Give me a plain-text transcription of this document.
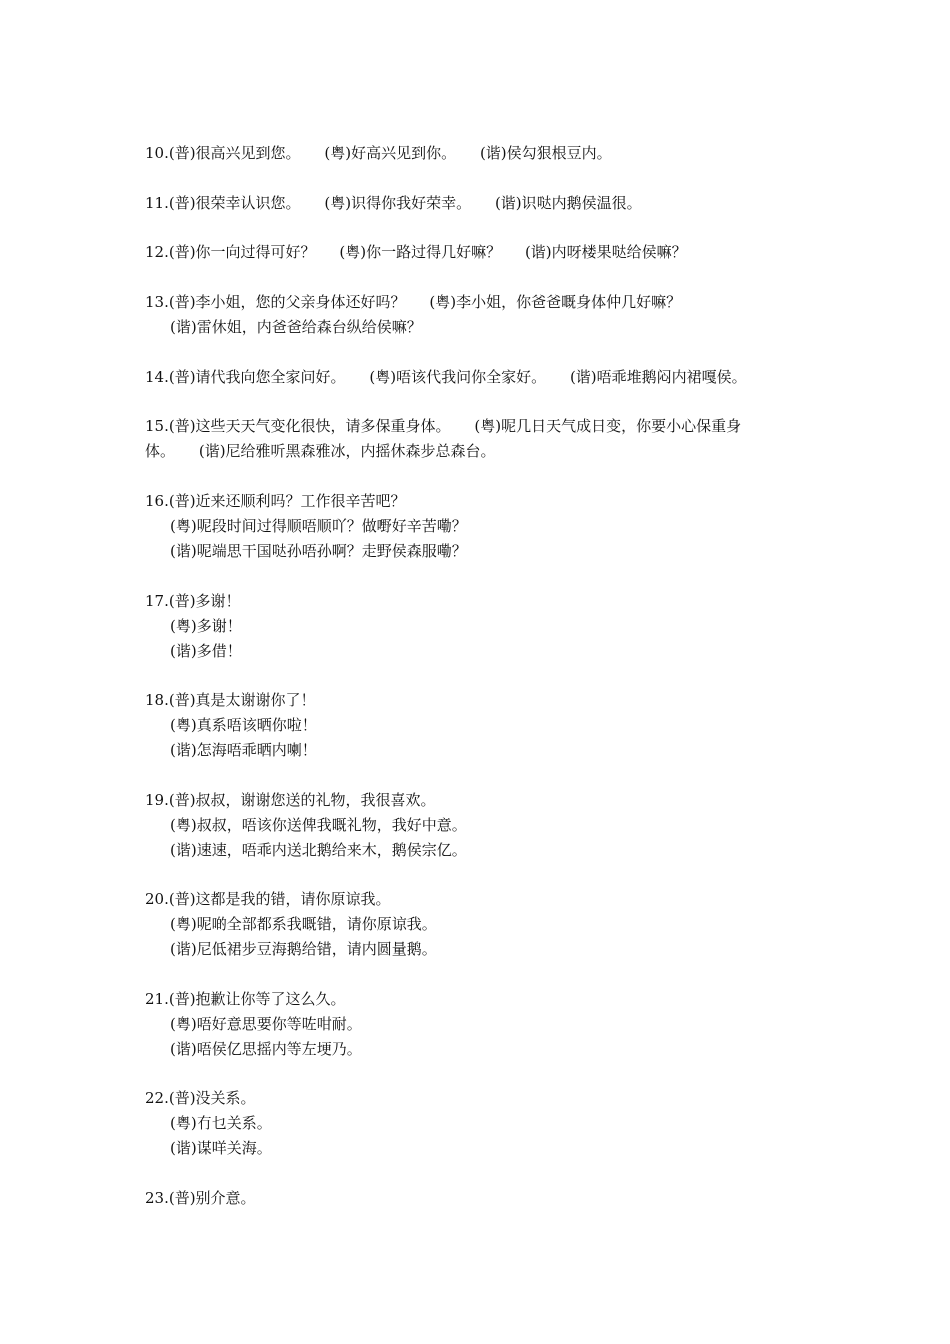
10.(普)很高兴见到您。     (粤)好高兴见到你。     (谐)侯勾狠根豆内。

11.(普)很荣幸认识您。     (粤)识得你我好荣幸。     (谐)识哒内鹅侯温很。

12.(普)你一向过得可好？     (粤)你一路过得几好嘛？     (谐)内呀楼果哒给侯嘛？

13.(普)李小姐，您的父亲身体还好吗？     (粤)李小姐，你爸爸嘅身体仲几好嘛？

(谐)雷休姐，内爸爸给森台纵给侯嘛？

14.(普)请代我向您全家问好。     (粤)唔该代我问你全家好。     (谐)唔乖堆鹅闷内裙嘎侯。

15.(普)这些天天气变化很快，请多保重身体。     (粤)呢几日天气成日变，你要小心保重身

体。     (谐)尼给雅听黑森雅冰，内摇休森步总森台。

16.(普)近来还顺利吗？工作很辛苦吧？

(粤)呢段时间过得顺唔顺吖？做嘢好辛苦嘞？

(谐)呢端思干国哒孙唔孙啊？走野侯森服嘞？

17.(普)多谢！

(粤)多谢！

(谐)多借！

18.(普)真是太谢谢你了！

(粤)真系唔该晒你啦！

(谐)怎海唔乖晒内喇！

19.(普)叔叔，谢谢您送的礼物，我很喜欢。

(粤)叔叔，唔该你送俾我嘅礼物，我好中意。

(谐)速速，唔乖内送北鹅给来木，鹅侯宗亿。

20.(普)这都是我的错，请你原谅我。

(粤)呢啲全部都系我嘅错，请你原谅我。

(谐)尼低裙步豆海鹅给错，请内圆量鹅。

21.(普)抱歉让你等了这么久。

(粤)唔好意思要你等咗咁耐。

(谐)唔侯亿思摇内等左埂乃。

22.(普)没关系。

(粤)冇乜关系。

(谐)谋咩关海。

23.(普)别介意。
